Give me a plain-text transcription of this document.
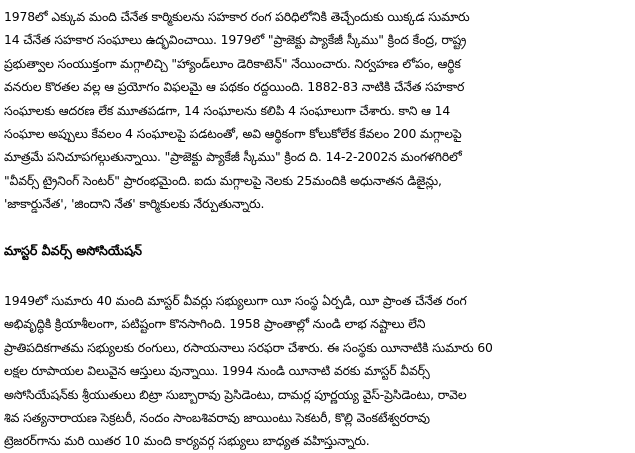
1978లో ఎక్కువ మంది చేనేత కార్మికులను సహకార రంగ పరిధిలోనికి తెచ్చేందుకు యిక్కడ సుమారు
14 చేనేత సహకార సంఘాలు ఉద్భవించాయి. 1979లో "ప్రాజెక్టు ప్యాకేజీ స్కీము" క్రింద కేంద్ర, రాష్ట్ర
ప్రభుత్వాల సంయుక్తంగా మగ్గాలిచ్చి "హ్యాండ్‌లూం డెరికాటెన్" నేయించారు. నిర్వహణ లోపం, ఆర్థిక
వనరుల కొరతల వల్ల ఆ ప్రయోగం విఫలమై ఆ పథకం రద్దయింది. 1882-83 నాటికి చేనేత సహకార
సంఘాలకు ఆదరణ లేక మూతపడగా, 14 సంఘాలను కలిపి 4 సంఘాలుగా చేశారు. కాని ఆ 14
సంఘాల అప్పులు కేవలం 4 సంఘాలపై పడటంతో, అవి ఆర్థికంగా కోలుకోలేక కేవలం 200 మగ్గాలపై
మాత్రమే పనిచూపగల్గుతున్నాయి. "ప్రాజెక్టు ప్యాకేజీ స్కీము" క్రింద ది. 14-2-2002న మంగళగిరిలో
"వీవర్స్ ట్రైనింగ్ సెంటర్" ప్రారంభమైంది. ఐదు మగ్గాలపై నెలకు 25మందికి అధునాతన డిజైన్లు,
'జాకార్డునేత', 'జిందాని నేత' కార్మికులకు నేర్పుతున్నారు.
మాస్టర్ వీవర్స్ అసోసియేషన్
1949లో సుమారు 40 మంది మాస్టర్ వీవర్లు సభ్యులుగా యీ సంస్థ ఏర్పడి, యీ ప్రాంత చేనేత రంగ
అభివృద్ధికి క్రియాశీలంగా, పటిష్టంగా కొనసాగింది. 1958 ప్రాంతాల్లో నుండి లాభ నష్టాలు లేని
ప్రాతిపదికగాతమ సభ్యులకు రంగులు, రసాయనాలు సరఫరా చేశారు. ఈ సంస్థకు యీనాటికి సుమారు 60
లక్షల రూపాయల విలువైన ఆస్తులు వున్నాయి. 1994 నుండి యీనాటి వరకు మాస్టర్ వీవర్స్
అసోసియేషన్‌కు శ్రీయుతులు బిట్రా సుబ్బారావు ప్రెసిడెంటు, దామర్ల పూర్ణయ్య వైస్-ప్రెసిడెంటు, రావెల
శివ సత్యనారాయణ సెక్రటరీ, నందం సాంబశివరావు జాయింటు సెకటరీ, కొల్లి వెంకటేశ్వరరావు
ట్రెజరర్‌గాను మరి యితర 10 మంది కార్యవర్గ సభ్యులు బాధ్యత వహిస్తున్నారు.
